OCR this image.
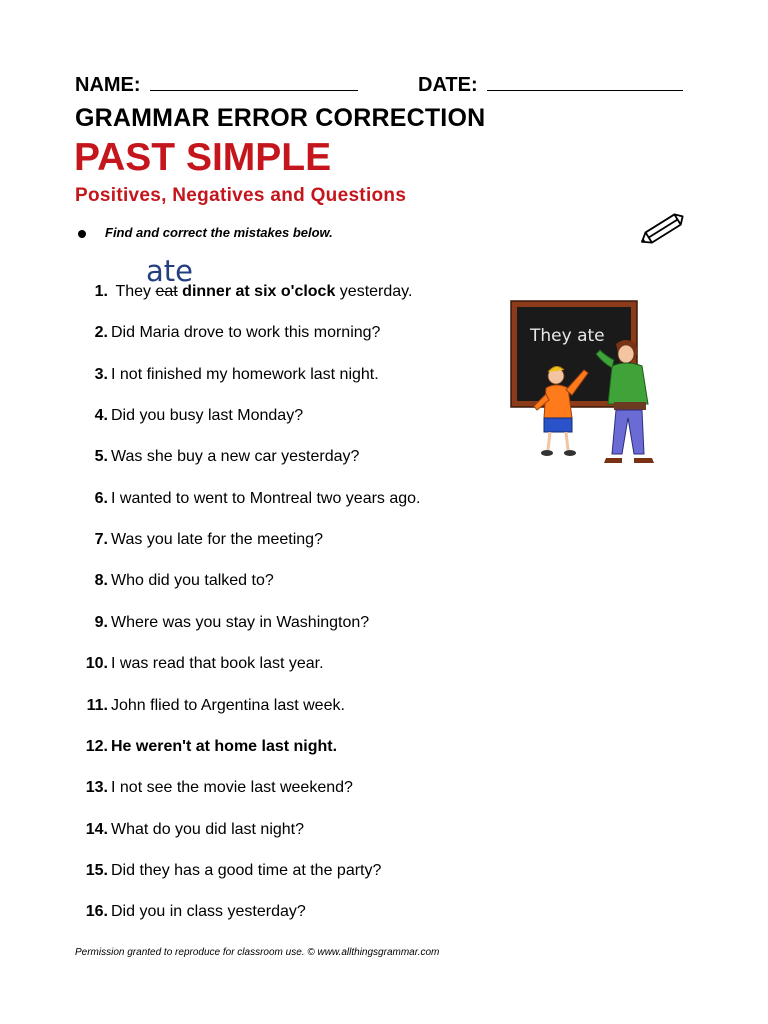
NAME:	DATE:
GRAMMAR ERROR CORRECTION
PAST SIMPLE
Positives, Negatives and Questions
Find and correct the mistakes below.
ate
1. They eat dinner at six o'clock yesterday.
2. Did Maria drove to work this morning?
3. I not finished my homework last night.
4. Did you busy last Monday?
5. Was she buy a new car yesterday?
6. I wanted to went to Montreal two years ago.
7. Was you late for the meeting?
8. Who did you talked to?
9. Where was you stay in Washington?
10. I was read that book last year.
11. John flied to Argentina last week.
12. He weren't at home last night.
13. I not see the movie last weekend?
14. What do you did last night?
15. Did they has a good time at the party?
16. Did you in class yesterday?
They ate
Permission granted to reproduce for classroom use. © www.allthingsgrammar.com
